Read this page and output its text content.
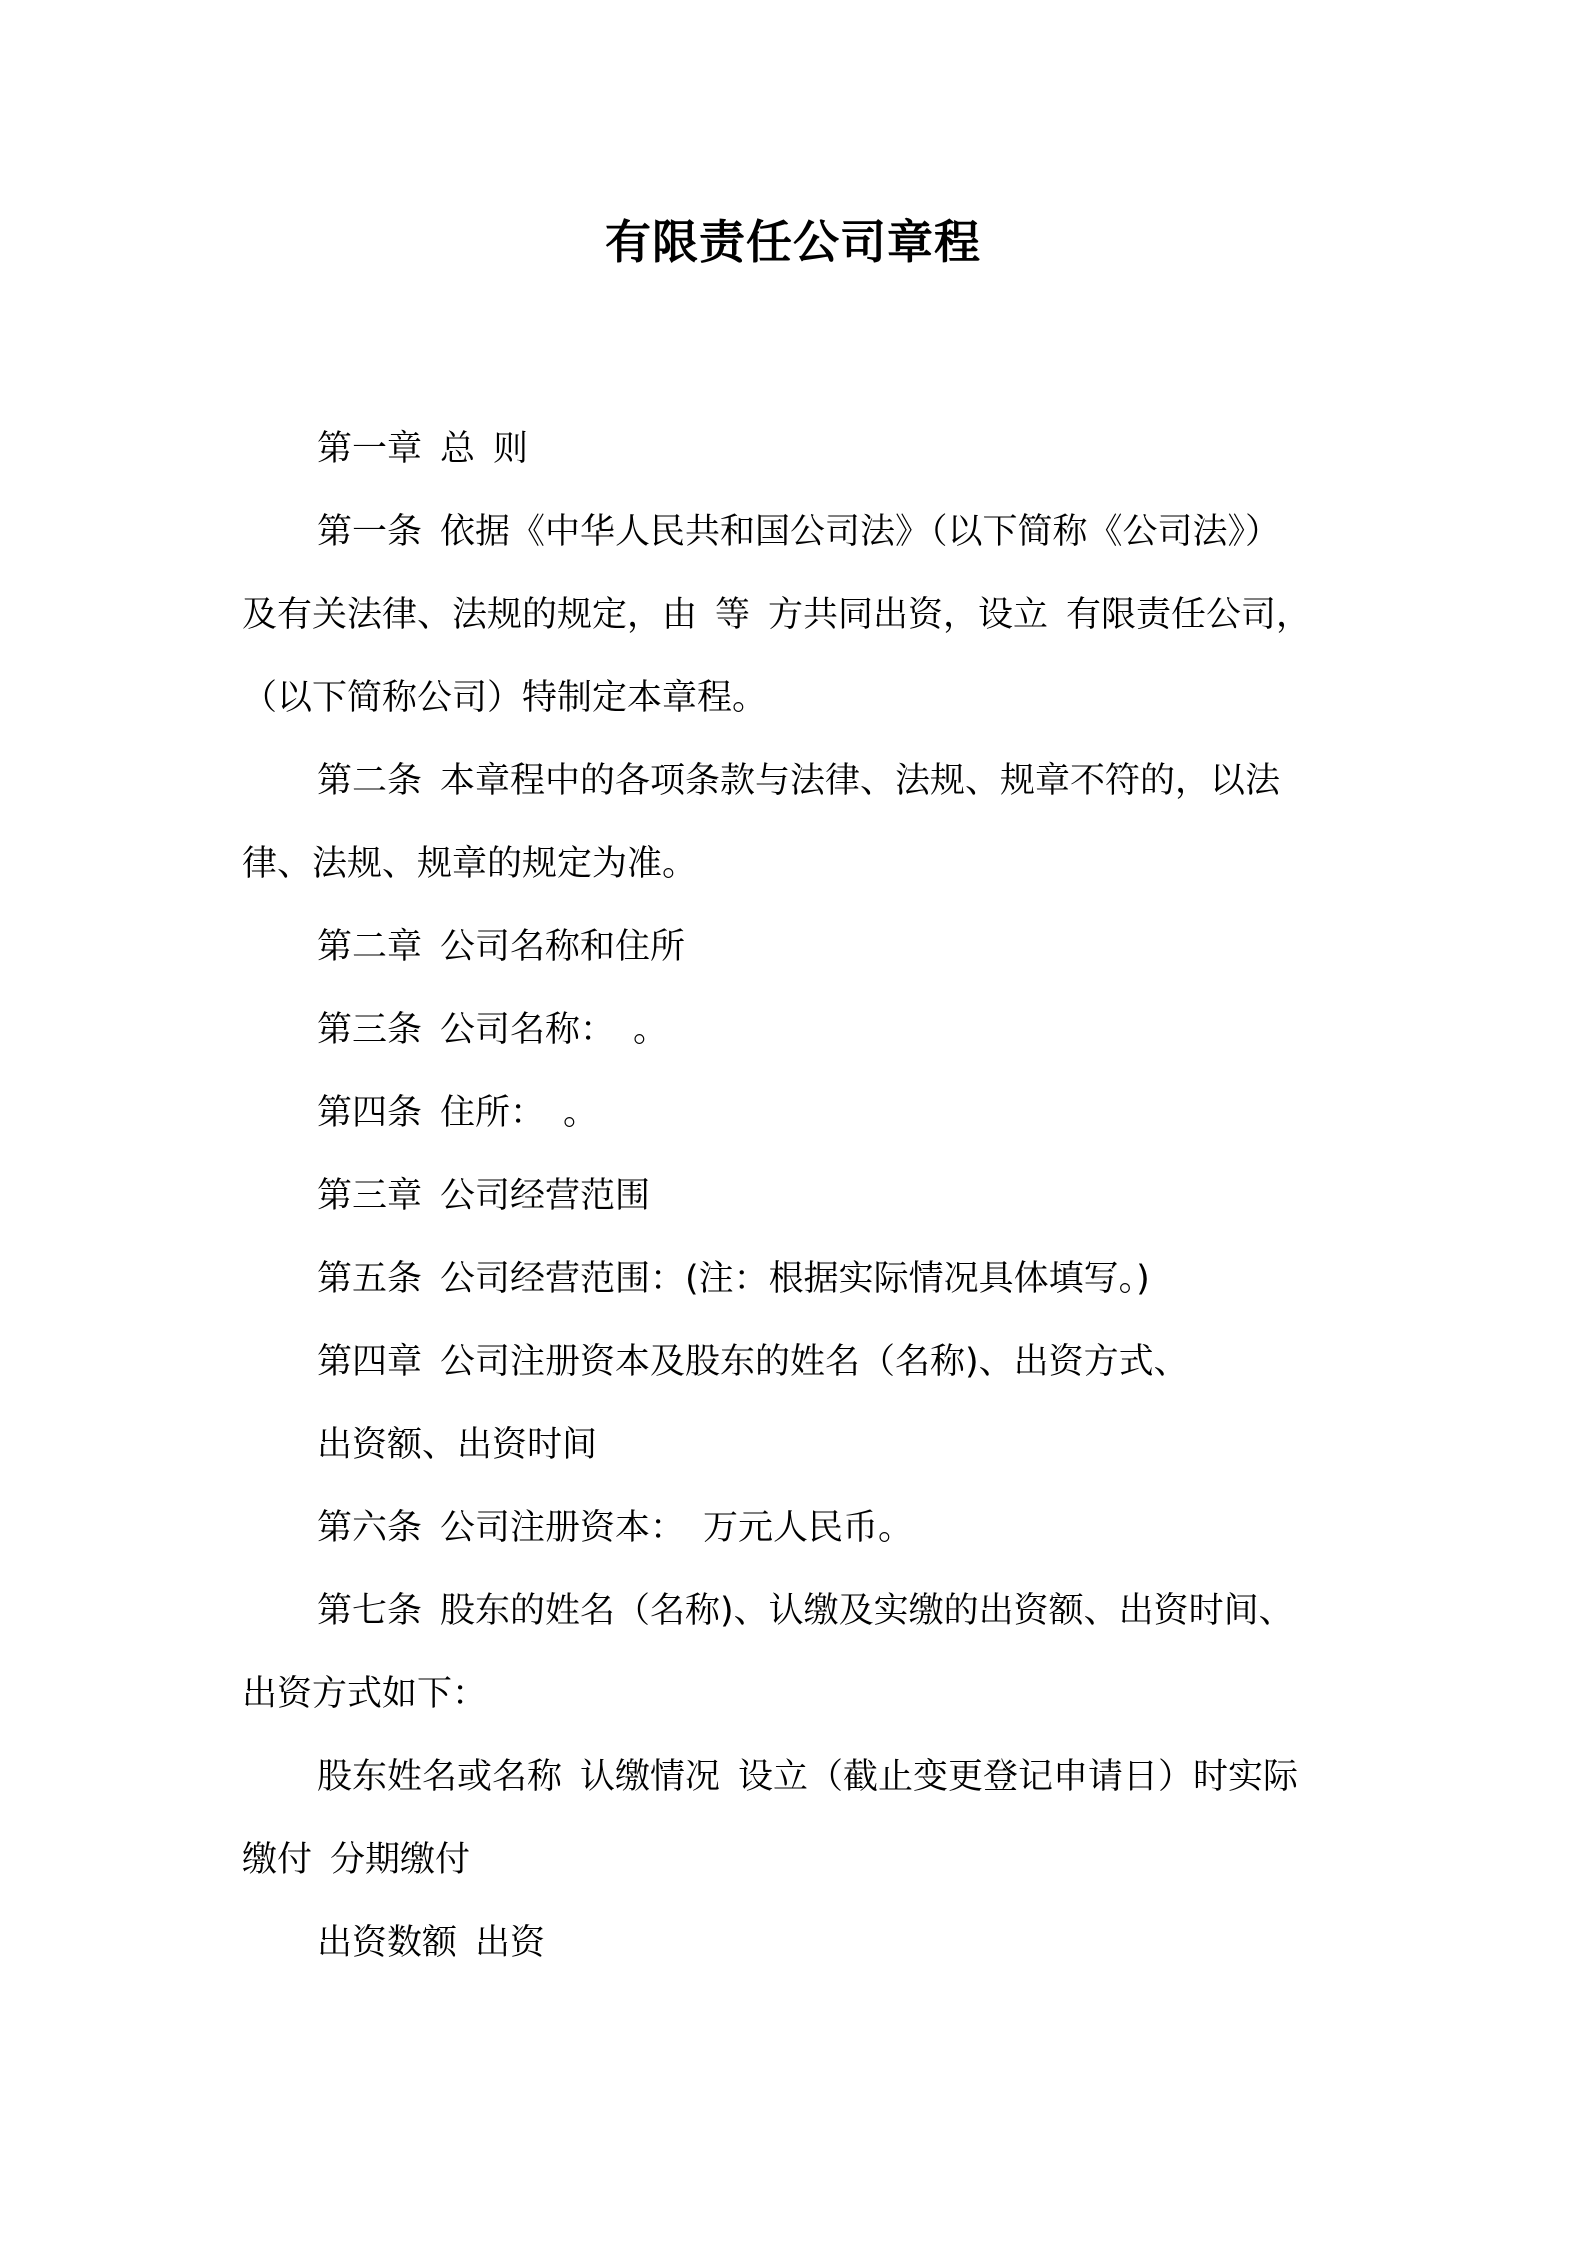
有限责任公司章程

第一章 总 则

第一条 依据《中华人民共和国公司法》（以下简称《公司法》）

及有关法律、法规的规定，由 等 方共同出资，设立 有限责任公司，

（以下简称公司）特制定本章程。

第二条 本章程中的各项条款与法律、法规、规章不符的，以法

律、法规、规章的规定为准。

第二章 公司名称和住所

第三条 公司名称： 。

第四条 住所： 。

第三章 公司经营范围

第五条 公司经营范围：(注：根据实际情况具体填写。)

第四章 公司注册资本及股东的姓名（名称)、出资方式、

出资额、出资时间

第六条 公司注册资本： 万元人民币。

第七条 股东的姓名（名称)、认缴及实缴的出资额、出资时间、

出资方式如下：

股东姓名或名称 认缴情况 设立（截止变更登记申请日）时实际

缴付 分期缴付

出资数额 出资
